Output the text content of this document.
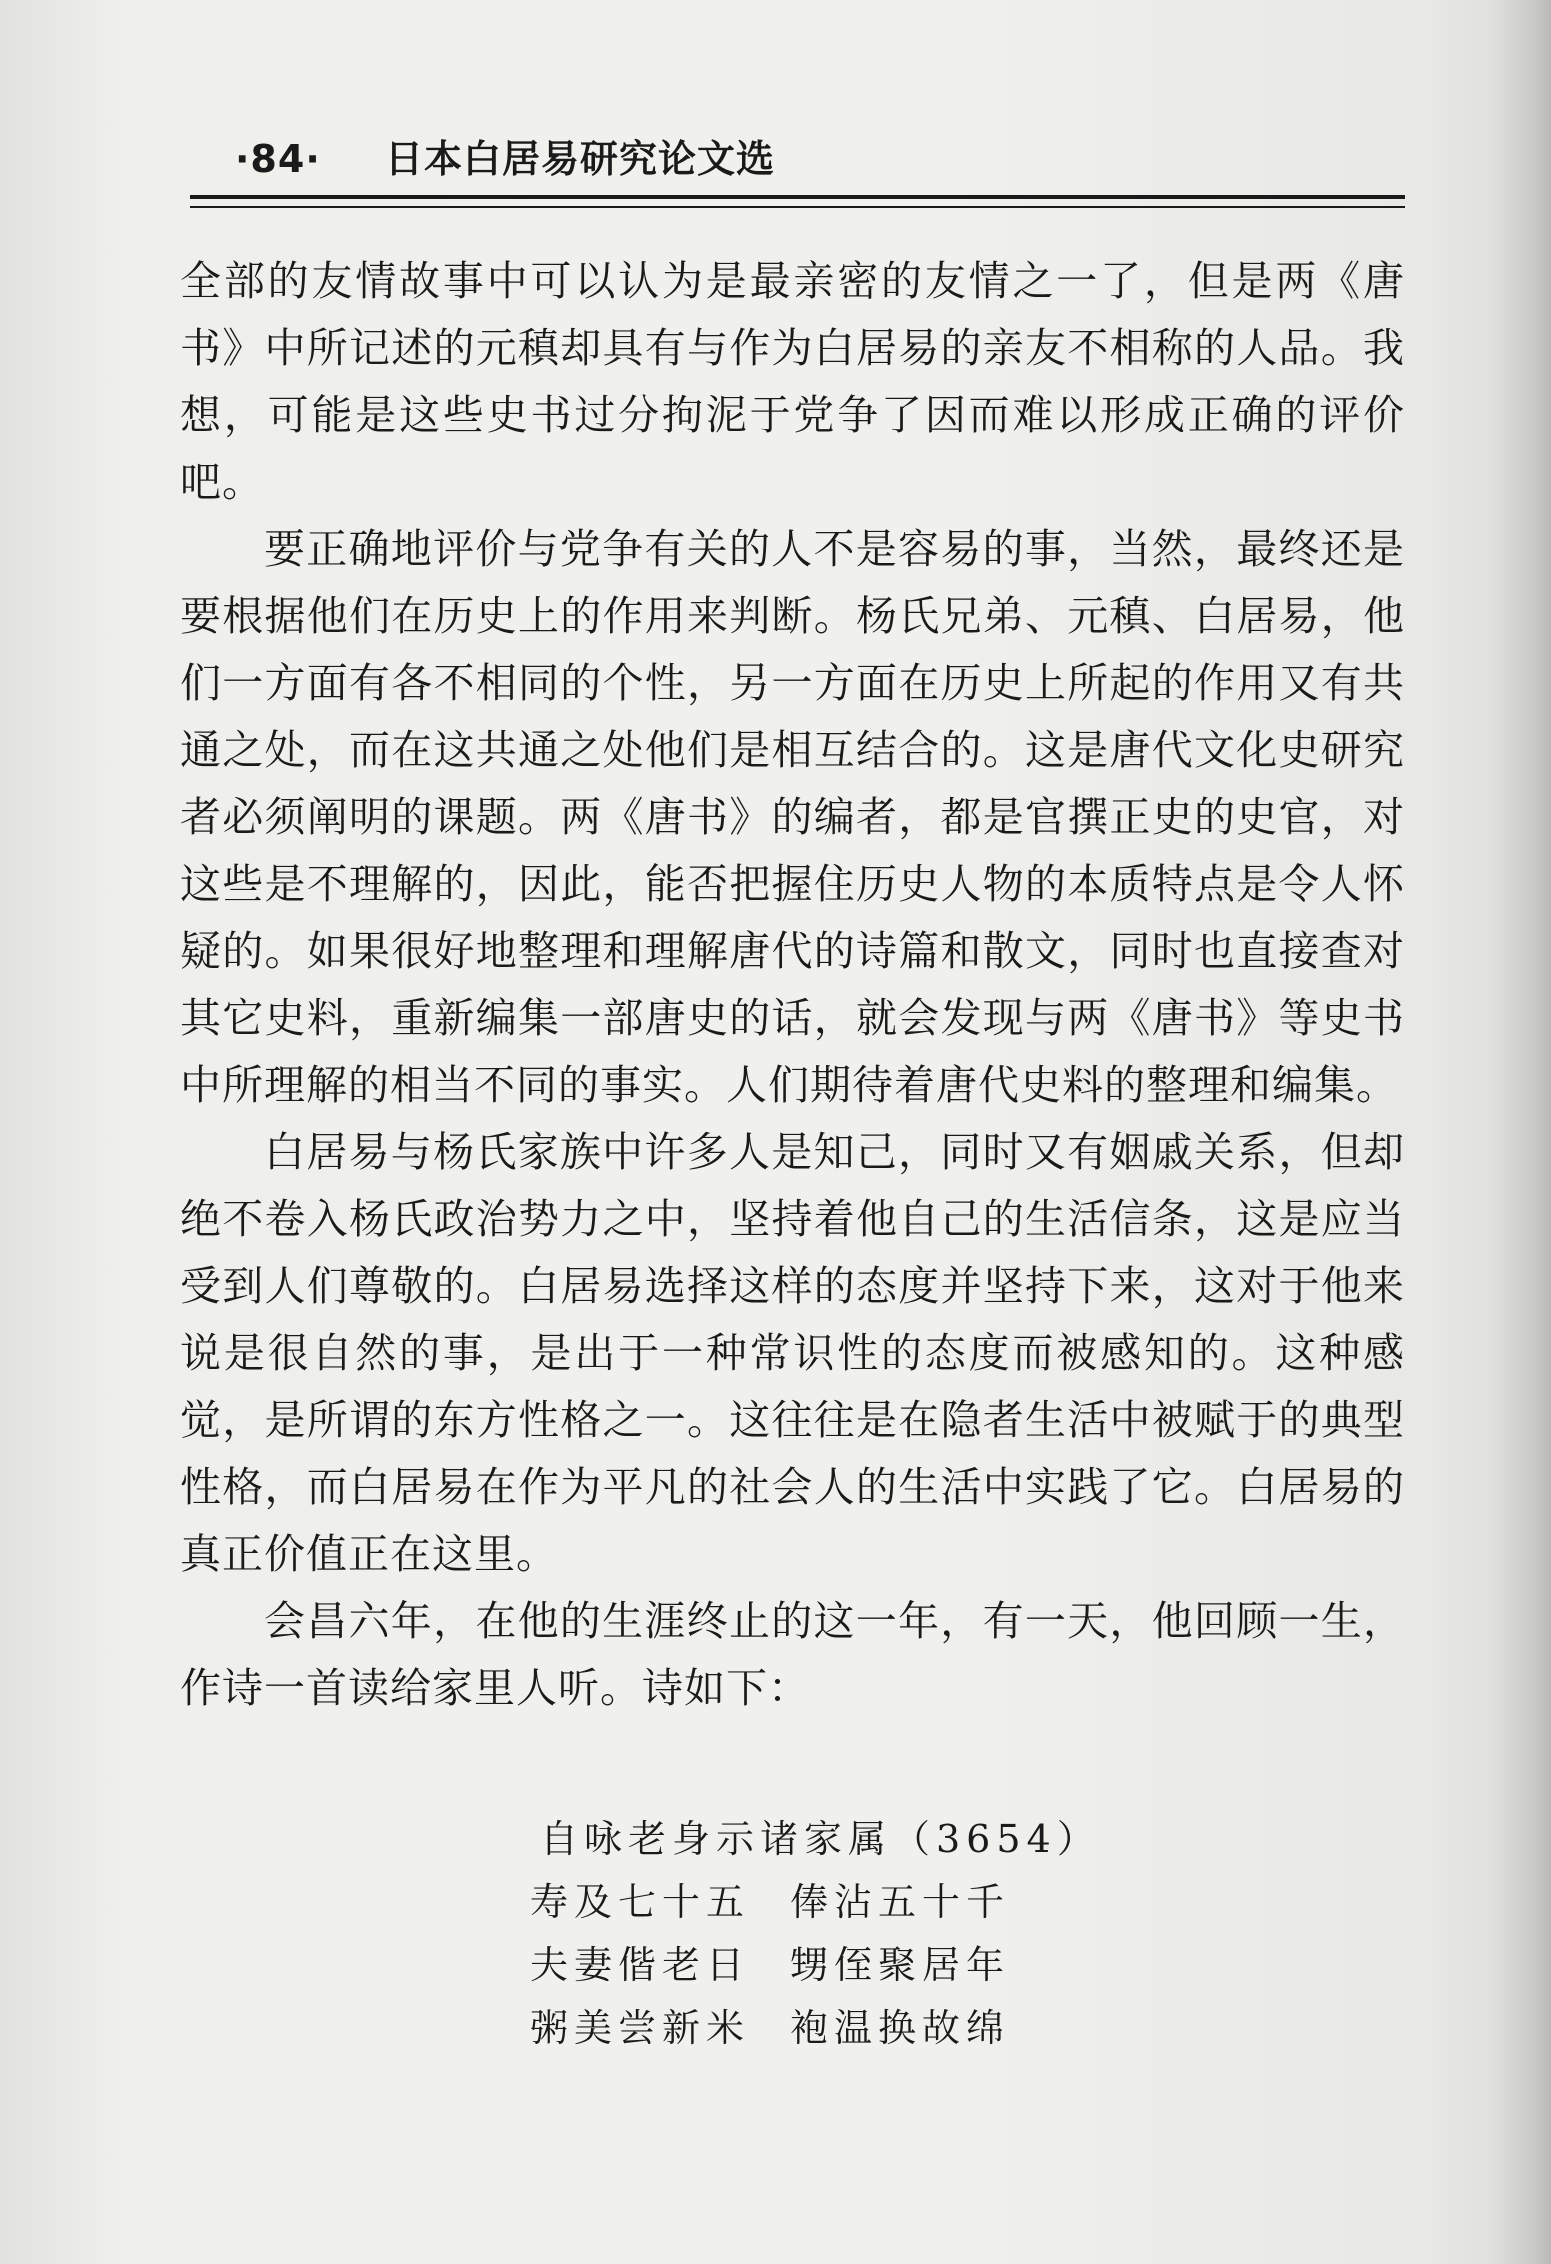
·84· 日本白居易研究论文选

全部的友情故事中可以认为是最亲密的友情之一了，但是两《唐书》中所记述的元稹却具有与作为白居易的亲友不相称的人品。我想，可能是这些史书过分拘泥于党争了因而难以形成正确的评价吧。

要正确地评价与党争有关的人不是容易的事，当然，最终还是要根据他们在历史上的作用来判断。杨氏兄弟、元稹、白居易，他们一方面有各不相同的个性，另一方面在历史上所起的作用又有共通之处，而在这共通之处他们是相互结合的。这是唐代文化史研究者必须阐明的课题。两《唐书》的编者，都是官撰正史的史官，对这些是不理解的，因此，能否把握住历史人物的本质特点是令人怀疑的。如果很好地整理和理解唐代的诗篇和散文，同时也直接查对其它史料，重新编集一部唐史的话，就会发现与两《唐书》等史书中所理解的相当不同的事实。人们期待着唐代史料的整理和编集。

白居易与杨氏家族中许多人是知己，同时又有姻戚关系，但却绝不卷入杨氏政治势力之中，坚持着他自己的生活信条，这是应当受到人们尊敬的。白居易选择这样的态度并坚持下来，这对于他来说是很自然的事，是出于一种常识性的态度而被感知的。这种感觉，是所谓的东方性格之一。这往往是在隐者生活中被赋于的典型性格，而白居易在作为平凡的社会人的生活中实践了它。白居易的真正价值正在这里。

会昌六年，在他的生涯终止的这一年，有一天，他回顾一生，作诗一首读给家里人听。诗如下：

自咏老身示诸家属（3654）
寿及七十五 俸沾五十千
夫妻偕老日 甥侄聚居年
粥美尝新米 袍温换故绵
